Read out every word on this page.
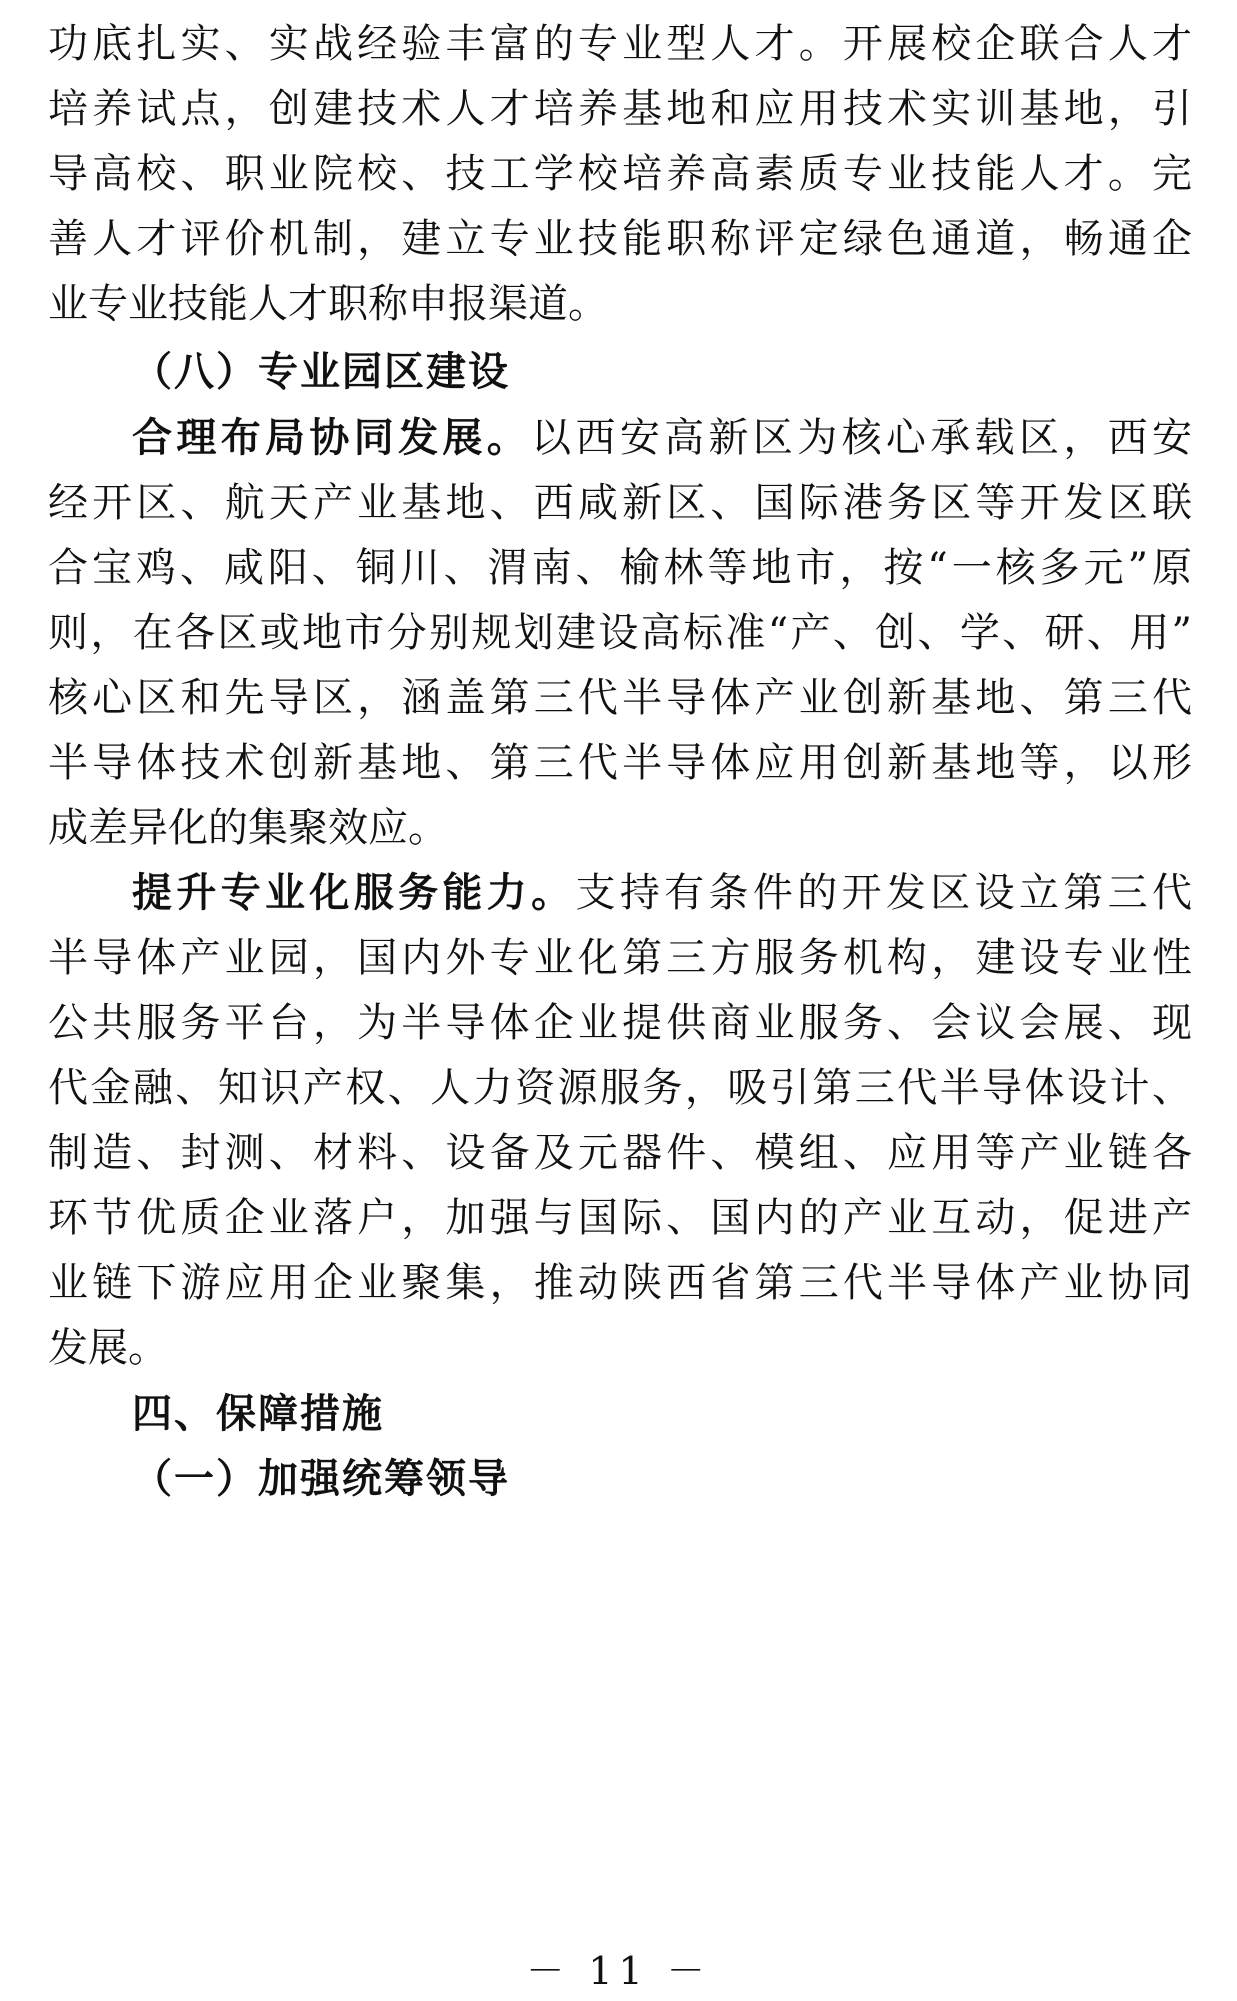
功底扎实、实战经验丰富的专业型人才。开展校企联合人才
培养试点，创建技术人才培养基地和应用技术实训基地，引
导高校、职业院校、技工学校培养高素质专业技能人才。完
善人才评价机制，建立专业技能职称评定绿色通道，畅通企
业专业技能人才职称申报渠道。
（八）专业园区建设
合理布局协同发展。以西安高新区为核心承载区，西安
经开区、航天产业基地、西咸新区、国际港务区等开发区联
合宝鸡、咸阳、铜川、渭南、榆林等地市，按“一核多元”原
则，在各区或地市分别规划建设高标准“产、创、学、研、用”
核心区和先导区，涵盖第三代半导体产业创新基地、第三代
半导体技术创新基地、第三代半导体应用创新基地等，以形
成差异化的集聚效应。
提升专业化服务能力。支持有条件的开发区设立第三代
半导体产业园，国内外专业化第三方服务机构，建设专业性
公共服务平台，为半导体企业提供商业服务、会议会展、现
代金融、知识产权、人力资源服务，吸引第三代半导体设计、
制造、封测、材料、设备及元器件、模组、应用等产业链各
环节优质企业落户，加强与国际、国内的产业互动，促进产
业链下游应用企业聚集，推动陕西省第三代半导体产业协同
发展。
四、保障措施
（一）加强统筹领导
－ 11 －
